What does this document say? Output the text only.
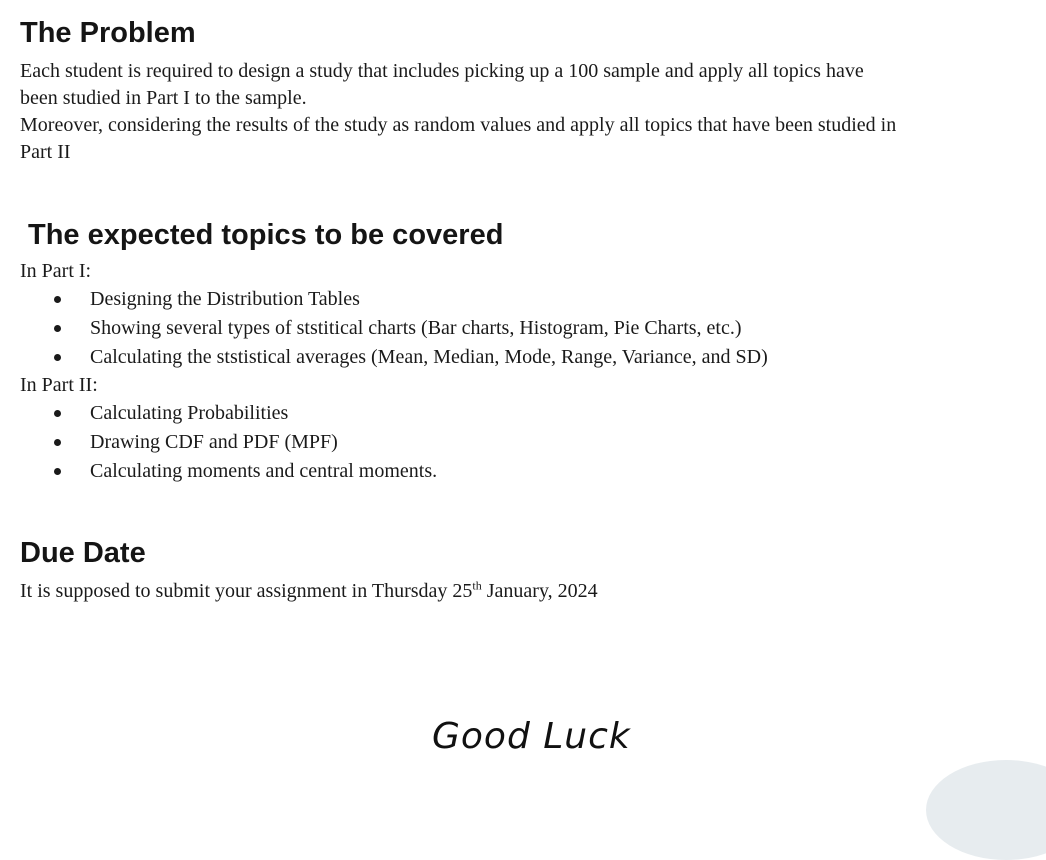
The Problem

Each student is required to design a study that includes picking up a 100 sample and apply all topics have

been studied in Part I to the sample.

Moreover, considering the results of the study as random values and apply all topics that have been studied in

Part II

The expected topics to be covered

In Part I:

Designing the Distribution Tables
Showing several types of ststitical charts (Bar charts, Histogram, Pie Charts, etc.)
Calculating the ststistical averages (Mean, Median, Mode, Range, Variance, and SD)

In Part II:

Calculating Probabilities
Drawing CDF and PDF (MPF)
Calculating moments and central moments.
Due Date

It is supposed to submit your assignment in Thursday 25th January, 2024

Good Luck
